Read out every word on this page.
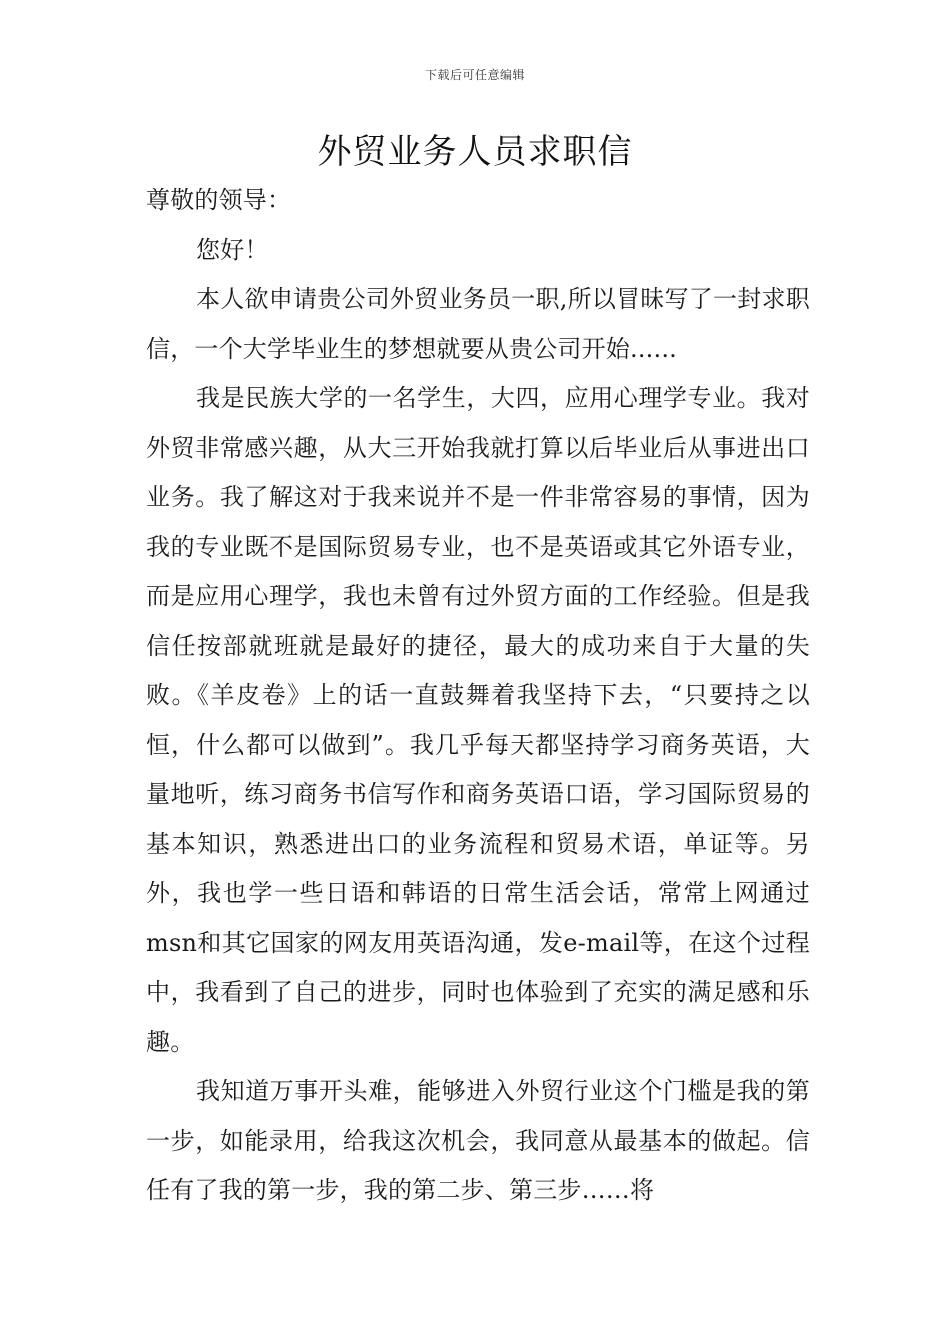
下载后可任意编辑
外贸业务人员求职信

尊敬的领导：

您好！

本人欲申请贵公司外贸业务员一职,所以冒昧写了一封求职信，一个大学毕业生的梦想就要从贵公司开始......

我是民族大学的一名学生，大四，应用心理学专业。我对外贸非常感兴趣，从大三开始我就打算以后毕业后从事进出口业务。我了解这对于我来说并不是一件非常容易的事情，因为我的专业既不是国际贸易专业，也不是英语或其它外语专业，而是应用心理学，我也未曾有过外贸方面的工作经验。但是我信任按部就班就是最好的捷径，最大的成功来自于大量的失败。《羊皮卷》上的话一直鼓舞着我坚持下去，“只要持之以恒，什么都可以做到”。我几乎每天都坚持学习商务英语，大量地听，练习商务书信写作和商务英语口语，学习国际贸易的基本知识，熟悉进出口的业务流程和贸易术语，单证等。另外，我也学一些日语和韩语的日常生活会话，常常上网通过msn和其它国家的网友用英语沟通，发e-mail等，在这个过程中，我看到了自己的进步，同时也体验到了充实的满足感和乐趣。

我知道万事开头难，能够进入外贸行业这个门槛是我的第一步，如能录用，给我这次机会，我同意从最基本的做起。信任有了我的第一步，我的第二步、第三步……将
